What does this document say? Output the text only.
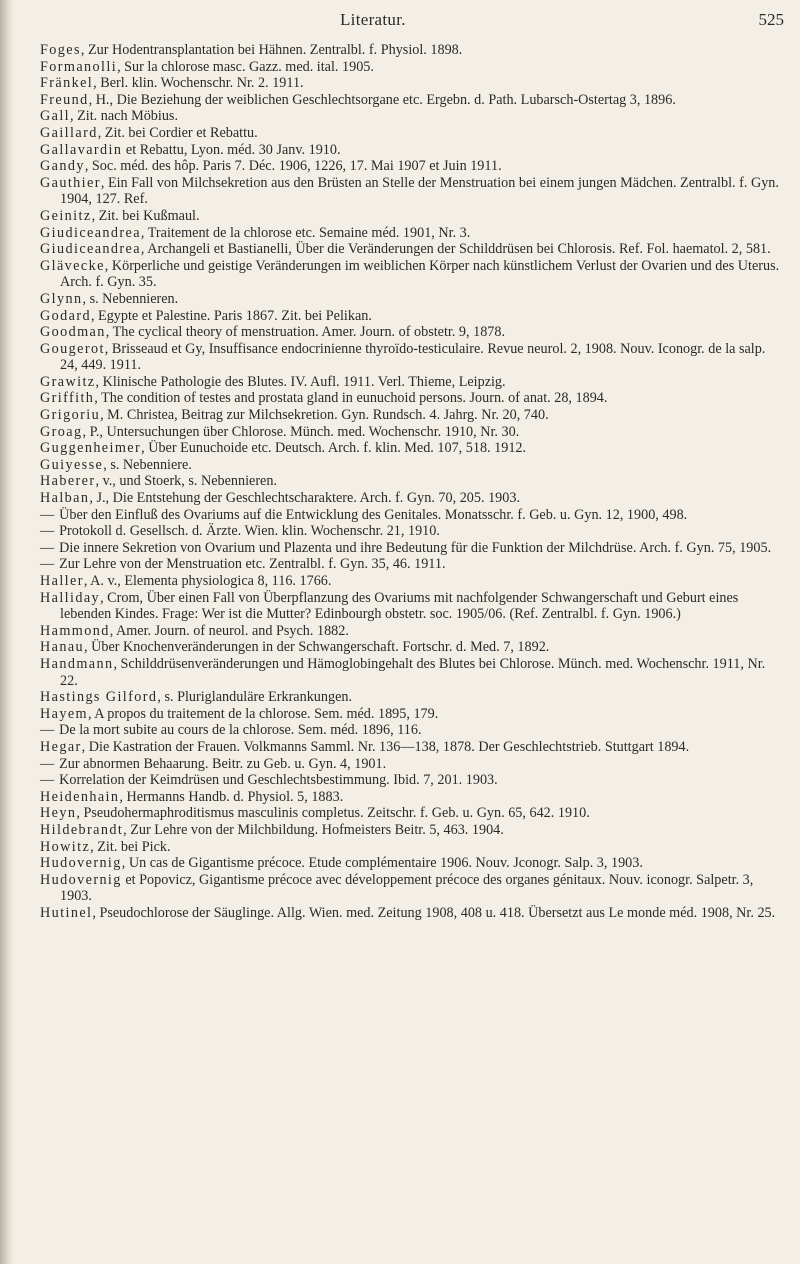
Literatur.	525

Foges, Zur Hodentransplantation bei Hähnen. Zentralbl. f. Physiol. 1898.

Formanolli, Sur la chlorose masc. Gazz. med. ital. 1905.

Fränkel, Berl. klin. Wochenschr. Nr. 2. 1911.

Freund, H., Die Beziehung der weiblichen Geschlechtsorgane etc. Ergebn. d. Path. Lubarsch-Ostertag 3, 1896.

Gall, Zit. nach Möbius.

Gaillard, Zit. bei Cordier et Rebattu.

Gallavardin et Rebattu, Lyon. méd. 30 Janv. 1910.

Gandy, Soc. méd. des hôp. Paris 7. Déc. 1906, 1226, 17. Mai 1907 et Juin 1911.

Gauthier, Ein Fall von Milchsekretion aus den Brüsten an Stelle der Menstruation bei einem jungen Mädchen. Zentralbl. f. Gyn. 1904, 127. Ref.

Geinitz, Zit. bei Kußmaul.

Giudiceandrea, Traitement de la chlorose etc. Semaine méd. 1901, Nr. 3.

Giudiceandrea, Archangeli et Bastianelli, Über die Veränderungen der Schilddrüsen bei Chlorosis. Ref. Fol. haematol. 2, 581.

Glävecke, Körperliche und geistige Veränderungen im weiblichen Körper nach künstlichem Verlust der Ovarien und des Uterus. Arch. f. Gyn. 35.

Glynn, s. Nebennieren.

Godard, Egypte et Palestine. Paris 1867. Zit. bei Pelikan.

Goodman, The cyclical theory of menstruation. Amer. Journ. of obstetr. 9, 1878.

Gougerot, Brisseaud et Gy, Insuffisance endocrinienne thyroïdo-testiculaire. Revue neurol. 2, 1908. Nouv. Iconogr. de la salp. 24, 449. 1911.

Grawitz, Klinische Pathologie des Blutes. IV. Aufl. 1911. Verl. Thieme, Leipzig.

Griffith, The condition of testes and prostata gland in eunuchoid persons. Journ. of anat. 28, 1894.

Grigoriu, M. Christea, Beitrag zur Milchsekretion. Gyn. Rundsch. 4. Jahrg. Nr. 20, 740.

Groag, P., Untersuchungen über Chlorose. Münch. med. Wochenschr. 1910, Nr. 30.

Guggenheimer, Über Eunuchoide etc. Deutsch. Arch. f. klin. Med. 107, 518. 1912.

Guiyesse, s. Nebenniere.

Haberer, v., und Stoerk, s. Nebennieren.

Halban, J., Die Entstehung der Geschlechtscharaktere. Arch. f. Gyn. 70, 205. 1903.

— Über den Einfluß des Ovariums auf die Entwicklung des Genitales. Monatsschr. f. Geb. u. Gyn. 12, 1900, 498.

— Protokoll d. Gesellsch. d. Ärzte. Wien. klin. Wochenschr. 21, 1910.

— Die innere Sekretion von Ovarium und Plazenta und ihre Bedeutung für die Funktion der Milchdrüse. Arch. f. Gyn. 75, 1905.

— Zur Lehre von der Menstruation etc. Zentralbl. f. Gyn. 35, 46. 1911.

Haller, A. v., Elementa physiologica 8, 116. 1766.

Halliday, Crom, Über einen Fall von Überpflanzung des Ovariums mit nachfolgender Schwangerschaft und Geburt eines lebenden Kindes. Frage: Wer ist die Mutter? Edinbourgh obstetr. soc. 1905/06. (Ref. Zentralbl. f. Gyn. 1906.)

Hammond, Amer. Journ. of neurol. and Psych. 1882.

Hanau, Über Knochenveränderungen in der Schwangerschaft. Fortschr. d. Med. 7, 1892.

Handmann, Schilddrüsenveränderungen und Hämoglobingehalt des Blutes bei Chlorose. Münch. med. Wochenschr. 1911, Nr. 22.

Hastings Gilford, s. Pluriglanduläre Erkrankungen.

Hayem, A propos du traitement de la chlorose. Sem. méd. 1895, 179.

— De la mort subite au cours de la chlorose. Sem. méd. 1896, 116.

Hegar, Die Kastration der Frauen. Volkmanns Samml. Nr. 136—138, 1878. Der Geschlechtstrieb. Stuttgart 1894.

— Zur abnormen Behaarung. Beitr. zu Geb. u. Gyn. 4, 1901.

— Korrelation der Keimdrüsen und Geschlechtsbestimmung. Ibid. 7, 201. 1903.

Heidenhain, Hermanns Handb. d. Physiol. 5, 1883.

Heyn, Pseudohermaphroditismus masculinis completus. Zeitschr. f. Geb. u. Gyn. 65, 642. 1910.

Hildebrandt, Zur Lehre von der Milchbildung. Hofmeisters Beitr. 5, 463. 1904.

Howitz, Zit. bei Pick.

Hudovernig, Un cas de Gigantisme précoce. Etude complémentaire 1906. Nouv. Jconogr. Salp. 3, 1903.

Hudovernig et Popovicz, Gigantisme précoce avec développement précoce des organes génitaux. Nouv. iconogr. Salpetr. 3, 1903.

Hutinel, Pseudochlorose der Säuglinge. Allg. Wien. med. Zeitung 1908, 408 u. 418. Übersetzt aus Le monde méd. 1908, Nr. 25.
